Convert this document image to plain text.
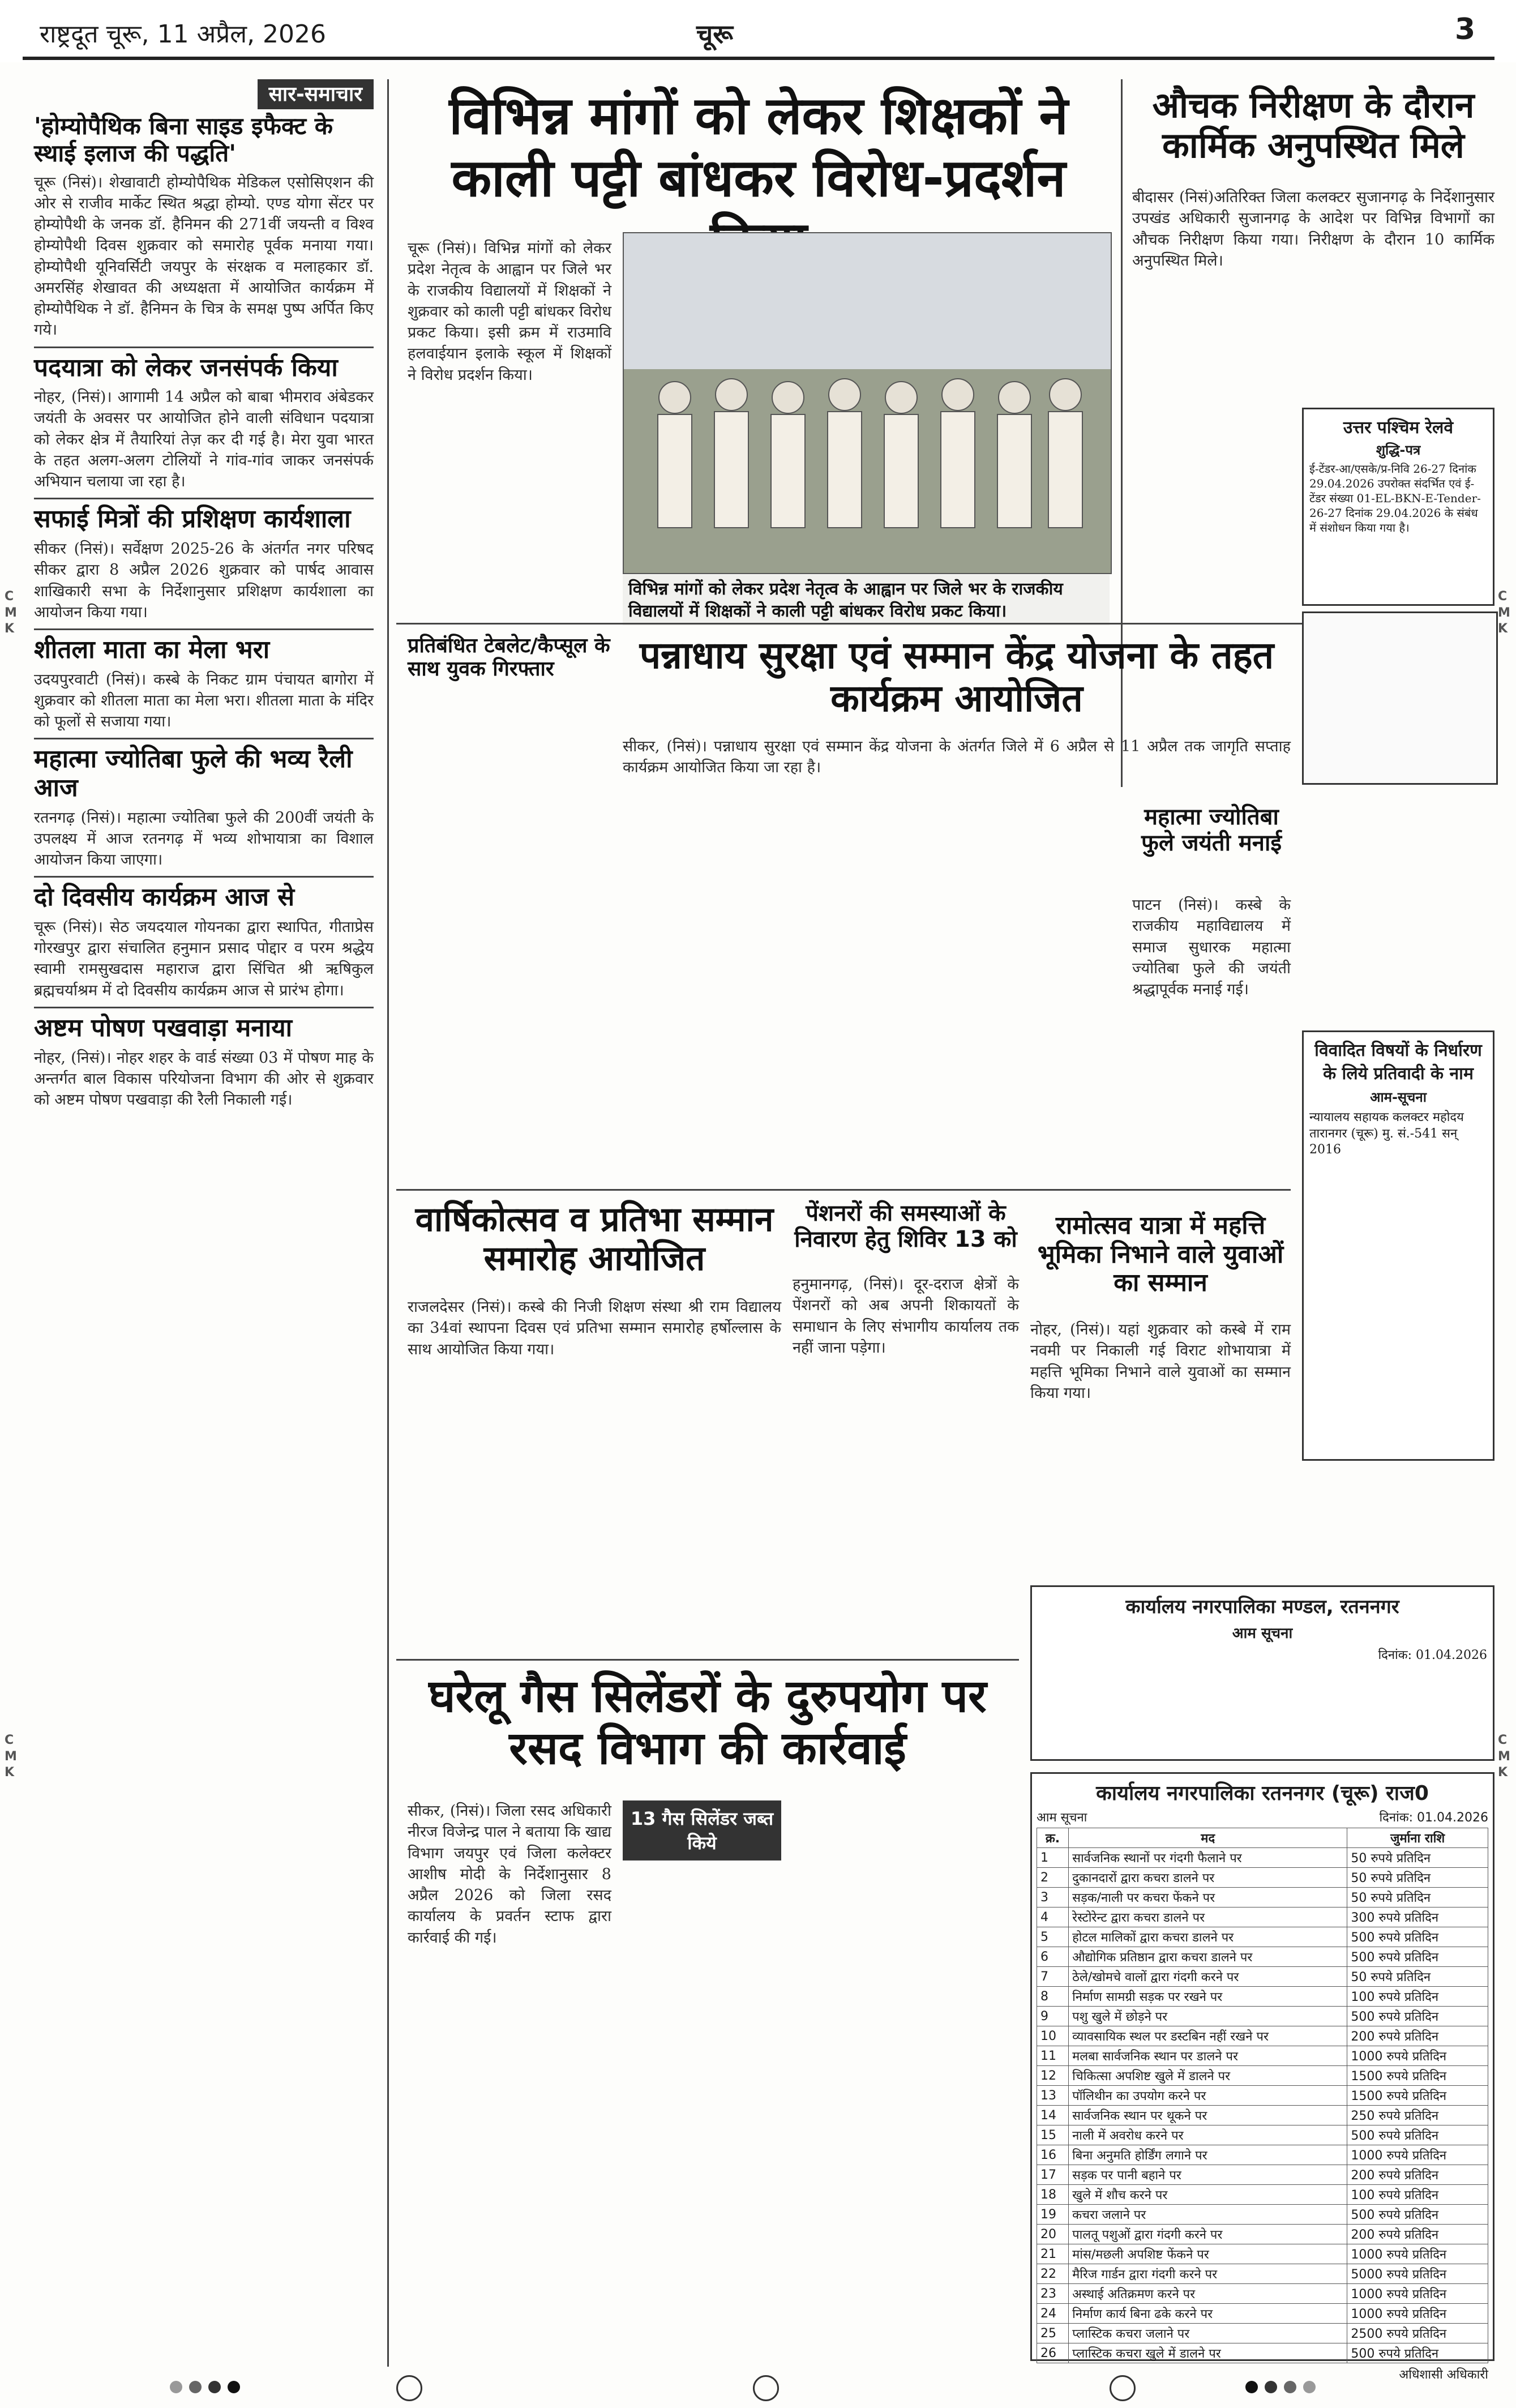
राष्ट्रदूत चूरू, 11 अप्रैल, 2026	चूरू	3
C
M
K
C
M
K
C
M
K
C
M
K
सार-समाचार
'होम्योपैथिक बिना साइड इफैक्ट के स्थाई इलाज की पद्धति'

चूरू (निसं)। शेखावाटी होम्योपैथिक मेडिकल एसोसिएशन की ओर से राजीव मार्केट स्थित श्रद्धा होम्यो. एण्ड योगा सेंटर पर होम्योपैथी के जनक डॉ. हैनिमन की 271वीं जयन्ती व विश्व होम्योपैथी दिवस शुक्रवार को समारोह पूर्वक मनाया गया। होम्योपैथी यूनिवर्सिटी जयपुर के संरक्षक व मलाहकार डॉ. अमरसिंह शेखावत की अध्यक्षता में आयोजित कार्यक्रम में होम्योपैथिक ने डॉ. हैनिमन के चित्र के समक्ष पुष्प अर्पित किए गये।

पदयात्रा को लेकर जनसंपर्क किया

नोहर, (निसं)। आगामी 14 अप्रैल को बाबा भीमराव अंबेडकर जयंती के अवसर पर आयोजित होने वाली संविधान पदयात्रा को लेकर क्षेत्र में तैयारियां तेज़ कर दी गई है। मेरा युवा भारत के तहत अलग-अलग टोलियों ने गांव-गांव जाकर जनसंपर्क अभियान चलाया जा रहा है।

सफाई मित्रों की प्रशिक्षण कार्यशाला

सीकर (निसं)। सर्वेक्षण 2025-26 के अंतर्गत नगर परिषद सीकर द्वारा 8 अप्रैल 2026 शुक्रवार को पार्षद आवास शाखिकारी सभा के निर्देशानुसार प्रशिक्षण कार्यशाला का आयोजन किया गया।

शीतला माता का मेला भरा

उदयपुरवाटी (निसं)। कस्बे के निकट ग्राम पंचायत बागोरा में शुक्रवार को शीतला माता का मेला भरा। शीतला माता के मंदिर को फूलों से सजाया गया।

महात्मा ज्योतिबा फुले की भव्य रैली आज

रतनगढ़ (निसं)। महात्मा ज्योतिबा फुले की 200वीं जयंती के उपलक्ष्य में आज रतनगढ़ में भव्य शोभायात्रा का विशाल आयोजन किया जाएगा।

दो दिवसीय कार्यक्रम आज से

चूरू (निसं)। सेठ जयदयाल गोयनका द्वारा स्थापित, गीताप्रेस गोरखपुर द्वारा संचालित हनुमान प्रसाद पोद्दार व परम श्रद्धेय स्वामी रामसुखदास महाराज द्वारा सिंचित श्री ऋषिकुल ब्रह्मचर्याश्रम में दो दिवसीय कार्यक्रम आज से प्रारंभ होगा।

अष्टम पोषण पखवाड़ा मनाया

नोहर, (निसं)। नोहर शहर के वार्ड संख्या 03 में पोषण माह के अन्तर्गत बाल विकास परियोजना विभाग की ओर से शुक्रवार को अष्टम पोषण पखवाड़ा की रैली निकाली गई।

विभिन्न मांगों को लेकर शिक्षकों ने काली पट्टी बांधकर विरोध-प्रदर्शन

चूरू (निसं)। विभिन्न मांगों को लेकर प्रदेश नेतृत्व के आह्वान पर जिले भर के राजकीय विद्यालयों में शिक्षकों ने शुक्रवार को काली पट्टी बांधकर विरोध प्रकट किया। इसी क्रम में राउमावि हलवाईयान इलाके स्कूल में शिक्षकों ने विरोध प्रदर्शन किया।

विभिन्न मांगों को लेकर प्रदेश नेतृत्व के आह्वान पर जिले भर के राजकीय विद्यालयों में शिक्षकों ने काली पट्टी बांधकर विरोध प्रकट किया।
औचक निरीक्षण के दौरान कार्मिक अनुपस्थित मिले

बीदासर (निसं)अतिरिक्त जिला कलक्टर सुजानगढ़ के निर्देशानुसार उपखंड अधिकारी सुजानगढ़ के आदेश पर विभिन्न विभागों का औचक निरीक्षण किया गया। निरीक्षण के दौरान 10 कार्मिक अनुपस्थित मिले।

उत्तर पश्चिम रेलवे
शुद्धि-पत्र
ई-टेंडर-आ/एसके/प्र-निवि 26-27 दिनांक 29.04.2026 उपरोक्त संदर्भित एवं ई-टेंडर संख्या 01-EL-BKN-E-Tender-26-27 दिनांक 29.04.2026 के संबंध में संशोधन किया गया है।
प्रतिबंधित टेबलेट/कैप्सूल के साथ युवक गिरफ्तार	पन्नाधाय सुरक्षा एवं सम्मान केंद्र योजना के तहत कार्यक्रम आयोजित

सीकर, (निसं)। पन्नाधाय सुरक्षा एवं सम्मान केंद्र योजना के अंतर्गत जिले में 6 अप्रैल से 11 अप्रैल तक जागृति सप्ताह कार्यक्रम आयोजित किया जा रहा है।

महात्मा ज्योतिबा फुले जयंती मनाई

पाटन (निसं)। कस्बे के राजकीय महाविद्यालय में समाज सुधारक महात्मा ज्योतिबा फुले की जयंती श्रद्धापूर्वक मनाई गई।

विवादित विषयों के निर्धारण के लिये प्रतिवादी के नाम
आम-सूचना
न्यायालय सहायक कलक्टर महोदय तारानगर (चूरू) मु. सं.-541 सन् 2016
वार्षिकोत्सव व प्रतिभा सम्मान समारोह आयोजित

राजलदेसर (निसं)। कस्बे की निजी शिक्षण संस्था श्री राम विद्यालय का 34वां स्थापना दिवस एवं प्रतिभा सम्मान समारोह हर्षोल्लास के साथ आयोजित किया गया।

पेंशनरों की समस्याओं के निवारण हेतु शिविर 13 को

हनुमानगढ़, (निसं)। दूर-दराज क्षेत्रों के पेंशनरों को अब अपनी शिकायतों के समाधान के लिए संभागीय कार्यालय तक नहीं जाना पड़ेगा।

रामोत्सव यात्रा में महत्ति भूमिका निभाने वाले युवाओं का सम्मान

नोहर, (निसं)। यहां शुक्रवार को कस्बे में राम नवमी पर निकाली गई विराट शोभायात्रा में महत्ति भूमिका निभाने वाले युवाओं का सम्मान किया गया।

कार्यालय नगरपालिका मण्डल, रतननगर
आम सूचना
दिनांक: 01.04.2026
घरेलू गैस सिलेंडरों के दुरुपयोग पर रसद विभाग की कार्रवाई
13 गैस सिलेंडर जब्त किये

सीकर, (निसं)। जिला रसद अधिकारी नीरज विजेन्द्र पाल ने बताया कि खाद्य विभाग जयपुर एवं जिला कलेक्टर आशीष मोदी के निर्देशानुसार 8 अप्रैल 2026 को जिला रसद कार्यालय के प्रवर्तन स्टाफ द्वारा कार्रवाई की गई।

कार्यालय नगरपालिका रतननगर (चूरू) राज0
आम सूचना	दिनांक: 01.04.2026
क्र.	मद	जुर्माना राशि
1	सार्वजनिक स्थानों पर गंदगी फैलाने पर	50 रुपये प्रतिदिन
2	दुकानदारों द्वारा कचरा डालने पर	50 रुपये प्रतिदिन
3	सड़क/नाली पर कचरा फेंकने पर	50 रुपये प्रतिदिन
4	रेस्टोरेन्ट द्वारा कचरा डालने पर	300 रुपये प्रतिदिन
5	होटल मालिकों द्वारा कचरा डालने पर	500 रुपये प्रतिदिन
6	औद्योगिक प्रतिष्ठान द्वारा कचरा डालने पर	500 रुपये प्रतिदिन
7	ठेले/खोमचे वालों द्वारा गंदगी करने पर	50 रुपये प्रतिदिन
8	निर्माण सामग्री सड़क पर रखने पर	100 रुपये प्रतिदिन
9	पशु खुले में छोड़ने पर	500 रुपये प्रतिदिन
10	व्यावसायिक स्थल पर डस्टबिन नहीं रखने पर	200 रुपये प्रतिदिन
11	मलबा सार्वजनिक स्थान पर डालने पर	1000 रुपये प्रतिदिन
12	चिकित्सा अपशिष्ट खुले में डालने पर	1500 रुपये प्रतिदिन
13	पॉलिथीन का उपयोग करने पर	1500 रुपये प्रतिदिन
14	सार्वजनिक स्थान पर थूकने पर	250 रुपये प्रतिदिन
15	नाली में अवरोध करने पर	500 रुपये प्रतिदिन
16	बिना अनुमति होर्डिंग लगाने पर	1000 रुपये प्रतिदिन
17	सड़क पर पानी बहाने पर	200 रुपये प्रतिदिन
18	खुले में शौच करने पर	100 रुपये प्रतिदिन
19	कचरा जलाने पर	500 रुपये प्रतिदिन
20	पालतू पशुओं द्वारा गंदगी करने पर	200 रुपये प्रतिदिन
21	मांस/मछली अपशिष्ट फेंकने पर	1000 रुपये प्रतिदिन
22	मैरिज गार्डन द्वारा गंदगी करने पर	5000 रुपये प्रतिदिन
23	अस्थाई अतिक्रमण करने पर	1000 रुपये प्रतिदिन
24	निर्माण कार्य बिना ढके करने पर	1000 रुपये प्रतिदिन
25	प्लास्टिक कचरा जलाने पर	2500 रुपये प्रतिदिन
26	प्लास्टिक कचरा खुले में डालने पर	500 रुपये प्रतिदिन
अधिशासी अधिकारी
